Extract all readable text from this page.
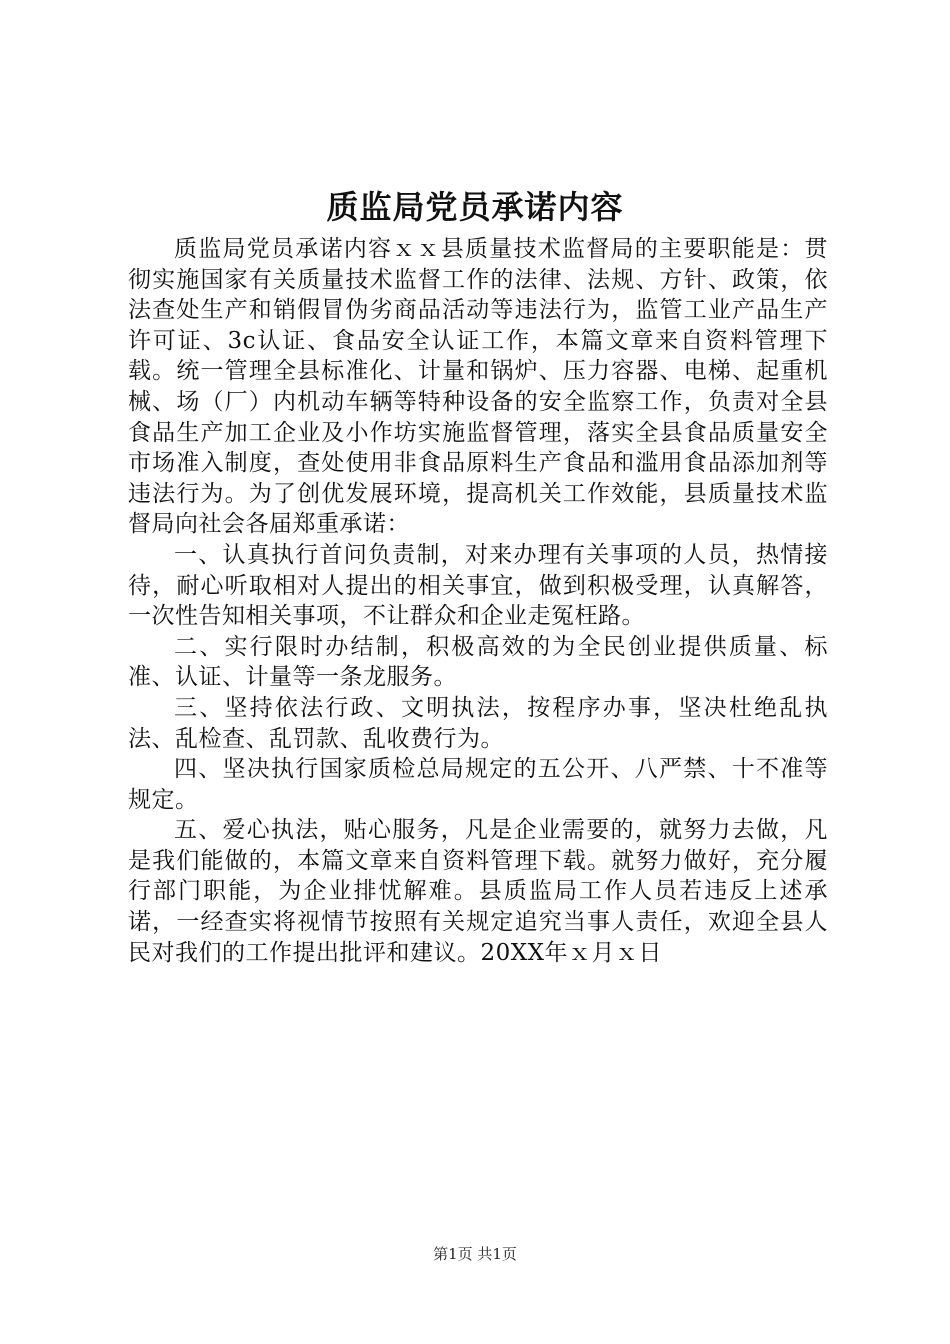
质监局党员承诺内容

质监局党员承诺内容ｘｘ县质量技术监督局的主要职能是：贯彻实施国家有关质量技术监督工作的法律、法规、方针、政策，依法查处生产和销假冒伪劣商品活动等违法行为，监管工业产品生产许可证、3c认证、食品安全认证工作，本篇文章来自资料管理下载。统一管理全县标准化、计量和锅炉、压力容器、电梯、起重机械、场（厂）内机动车辆等特种设备的安全监察工作，负责对全县食品生产加工企业及小作坊实施监督管理，落实全县食品质量安全市场准入制度，查处使用非食品原料生产食品和滥用食品添加剂等违法行为。为了创优发展环境，提高机关工作效能，县质量技术监督局向社会各届郑重承诺：

一、认真执行首问负责制，对来办理有关事项的人员，热情接待，耐心听取相对人提出的相关事宜，做到积极受理，认真解答，一次性告知相关事项，不让群众和企业走冤枉路。

二、实行限时办结制，积极高效的为全民创业提供质量、标准、认证、计量等一条龙服务。

三、坚持依法行政、文明执法，按程序办事，坚决杜绝乱执法、乱检查、乱罚款、乱收费行为。

四、坚决执行国家质检总局规定的五公开、八严禁、十不准等规定。

五、爱心执法，贴心服务，凡是企业需要的，就努力去做，凡是我们能做的，本篇文章来自资料管理下载。就努力做好，充分履行部门职能，为企业排忧解难。县质监局工作人员若违反上述承诺，一经查实将视情节按照有关规定追究当事人责任，欢迎全县人民对我们的工作提出批评和建议。20XX年ｘ月ｘ日

第1页 共1页
